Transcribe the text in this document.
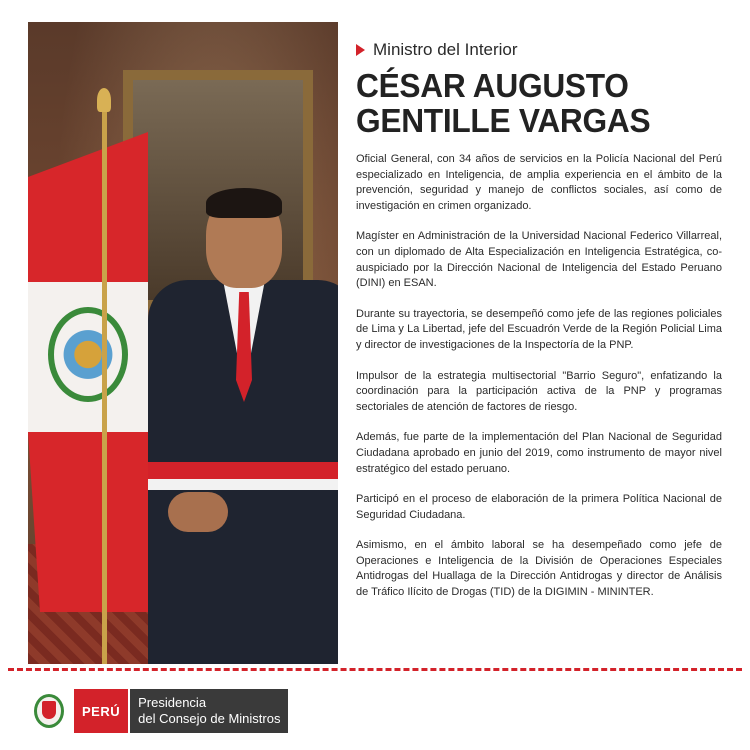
Ministro del Interior
CÉSAR AUGUSTO
GENTILLE VARGAS

Oficial General, con 34 años de servicios en la Policía Nacional del Perú especializado en Inteligencia, de amplia experiencia en el ámbito de la prevención, seguridad y manejo de conflictos sociales, así como de investigación en crimen organizado.

Magíster en Administración de la Universidad Nacional Federico Villarreal, con un diplomado de Alta Especialización en Inteligencia Estratégica, co-auspiciado por la Dirección Nacional de Inteligencia del Estado Peruano (DINI) en ESAN.

Durante su trayectoria, se desempeñó como jefe de las regiones policiales de Lima y La Libertad, jefe del Escuadrón Verde de la Región Policial Lima y director de investigaciones de la Inspectoría de la PNP.

Impulsor de la estrategia multisectorial "Barrio Seguro", enfatizando la coordinación para la participación activa de la PNP y programas sectoriales de atención de factores de riesgo.

Además, fue parte de la implementación del Plan Nacional de Seguridad Ciudadana aprobado en junio del 2019, como instrumento de mayor nivel estratégico del estado peruano.

Participó en el proceso de elaboración de la primera Política Nacional de Seguridad Ciudadana.

Asimismo, en el ámbito laboral se ha desempeñado como jefe de Operaciones e Inteligencia de la División de Operaciones Especiales Antidrogas del Huallaga de la Dirección Antidrogas y director de Análisis de Tráfico Ilícito de Drogas (TID) de la DIGIMIN - MININTER.

PERÚ
Presidencia
del Consejo de Ministros
